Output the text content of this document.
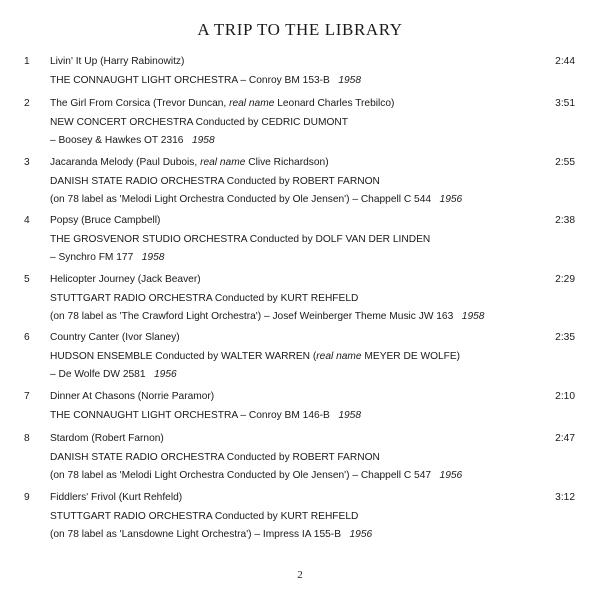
A TRIP TO THE LIBRARY
1 Livin' It Up (Harry Rabinowitz)
THE CONNAUGHT LIGHT ORCHESTRA – Conroy BM 153-B 1958
2:44
2 The Girl From Corsica (Trevor Duncan, real name Leonard Charles Trebilco)
NEW CONCERT ORCHESTRA Conducted by CEDRIC DUMONT
– Boosey & Hawkes OT 2316 1958
3:51
3 Jacaranda Melody (Paul Dubois, real name Clive Richardson)
DANISH STATE RADIO ORCHESTRA Conducted by ROBERT FARNON
(on 78 label as 'Melodi Light Orchestra Conducted by Ole Jensen') – Chappell C 544 1956
2:55
4 Popsy (Bruce Campbell)
THE GROSVENOR STUDIO ORCHESTRA Conducted by DOLF VAN DER LINDEN
– Synchro FM 177 1958
2:38
5 Helicopter Journey (Jack Beaver)
STUTTGART RADIO ORCHESTRA Conducted by KURT REHFELD
(on 78 label as 'The Crawford Light Orchestra') – Josef Weinberger Theme Music JW 163 1958
2:29
6 Country Canter (Ivor Slaney)
HUDSON ENSEMBLE Conducted by WALTER WARREN (real name MEYER DE WOLFE)
– De Wolfe DW 2581 1956
2:35
7 Dinner At Chasons (Norrie Paramor)
THE CONNAUGHT LIGHT ORCHESTRA – Conroy BM 146-B 1958
2:10
8 Stardom (Robert Farnon)
DANISH STATE RADIO ORCHESTRA Conducted by ROBERT FARNON
(on 78 label as 'Melodi Light Orchestra Conducted by Ole Jensen') – Chappell C 547 1956
2:47
9 Fiddlers' Frivol (Kurt Rehfeld)
STUTTGART RADIO ORCHESTRA Conducted by KURT REHFELD
(on 78 label as 'Lansdowne Light Orchestra') – Impress IA 155-B 1956
3:12
2
